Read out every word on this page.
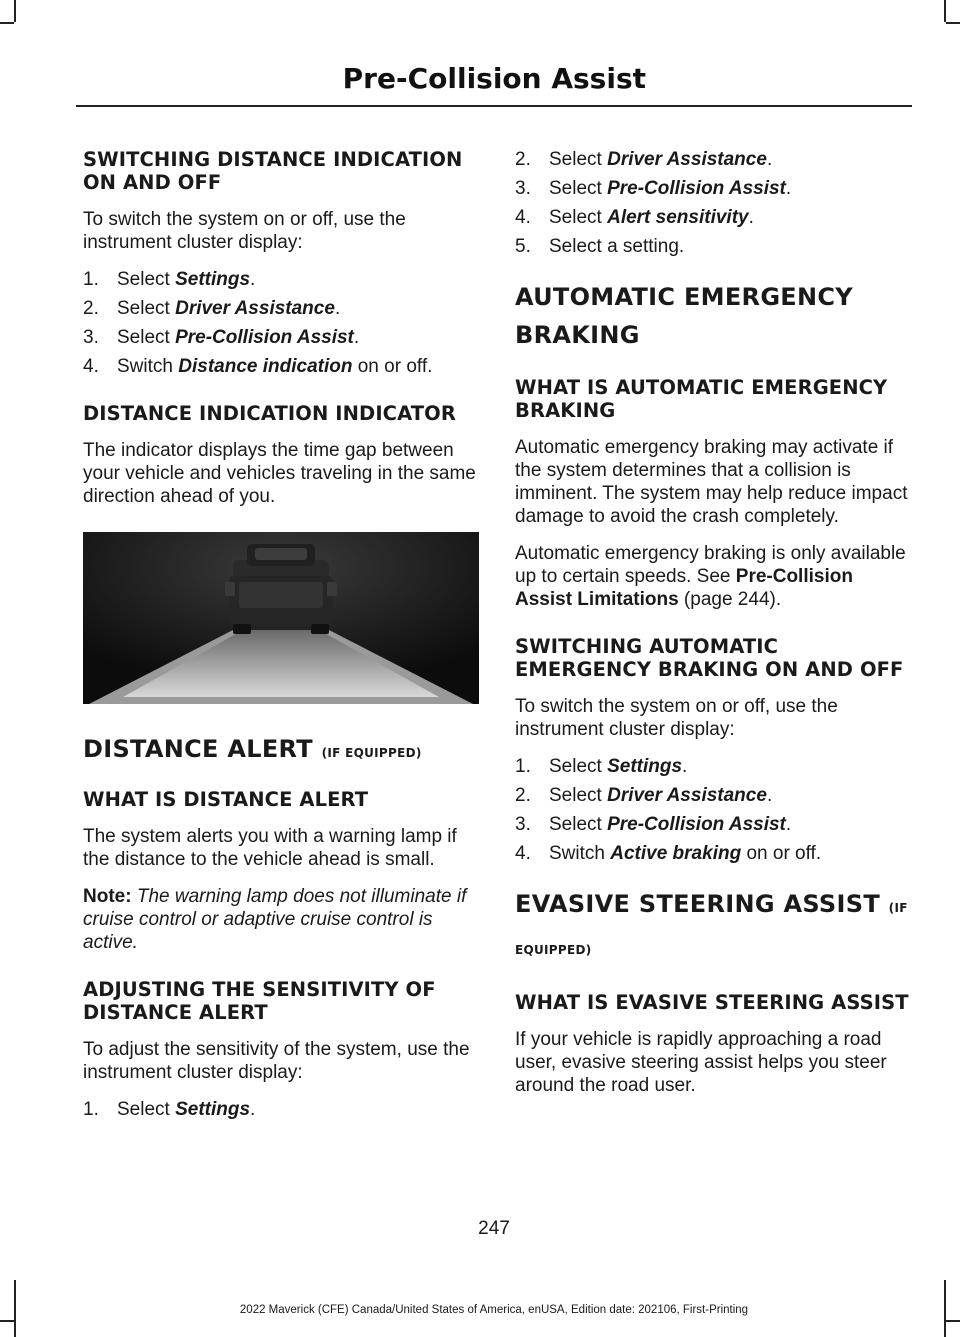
Pre-Collision Assist
SWITCHING DISTANCE INDICATION ON AND OFF

To switch the system on or off, use the instrument cluster display:

1. Select Settings.
2. Select Driver Assistance.
3. Select Pre-Collision Assist.
4. Switch Distance indication on or off.
DISTANCE INDICATION INDICATOR

The indicator displays the time gap between your vehicle and vehicles traveling in the same direction ahead of you.

DISTANCE ALERT (IF EQUIPPED)
WHAT IS DISTANCE ALERT

The system alerts you with a warning lamp if the distance to the vehicle ahead is small.

Note: The warning lamp does not illuminate if cruise control or adaptive cruise control is active.

ADJUSTING THE SENSITIVITY OF DISTANCE ALERT

To adjust the sensitivity of the system, use the instrument cluster display:

1. Select Settings.
2. Select Driver Assistance.
3. Select Pre-Collision Assist.
4. Select Alert sensitivity.
5. Select a setting.
AUTOMATIC EMERGENCY
BRAKING
WHAT IS AUTOMATIC EMERGENCY BRAKING

Automatic emergency braking may activate if the system determines that a collision is imminent. The system may help reduce impact damage to avoid the crash completely.

Automatic emergency braking is only available up to certain speeds. See Pre-Collision Assist Limitations (page 244).

SWITCHING AUTOMATIC EMERGENCY BRAKING ON AND OFF

To switch the system on or off, use the instrument cluster display:

1. Select Settings.
2. Select Driver Assistance.
3. Select Pre-Collision Assist.
4. Switch Active braking on or off.
EVASIVE STEERING ASSIST (IF
EQUIPPED)
WHAT IS EVASIVE STEERING ASSIST

If your vehicle is rapidly approaching a road user, evasive steering assist helps you steer around the road user.

247
2022 Maverick (CFE) Canada/United States of America, enUSA, Edition date: 202106, First-Printing
